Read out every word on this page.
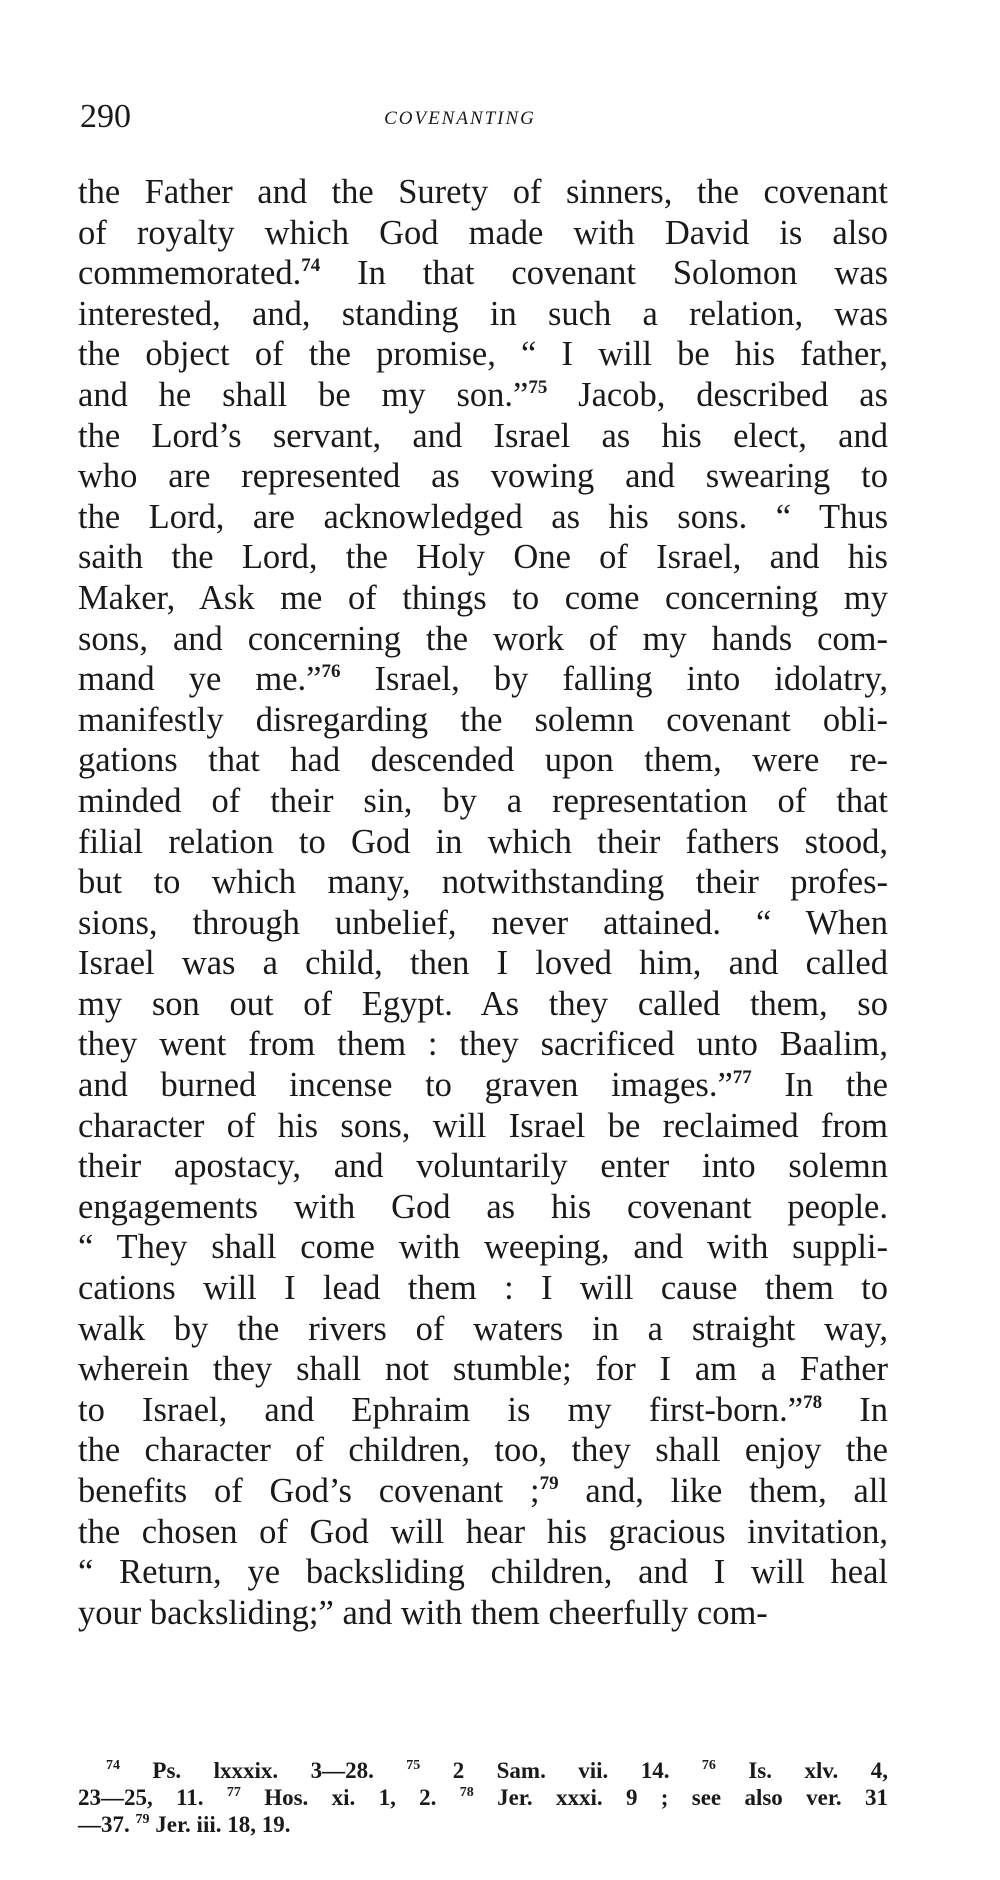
290	COVENANTING
the Father and the Surety of sinners, the covenant
of royalty which God made with David is also
commemorated.$^{74}$ In that covenant Solomon was
interested, and, standing in such a relation, was
the object of the promise, “ I will be his father,
and he shall be my son.”$^{75}$ Jacob, described as
the Lord’s servant, and Israel as his elect, and
who are represented as vowing and swearing to
the Lord, are acknowledged as his sons. “ Thus
saith the Lord, the Holy One of Israel, and his
Maker, Ask me of things to come concerning my
sons, and concerning the work of my hands com-
mand ye me.”$^{76}$ Israel, by falling into idolatry,
manifestly disregarding the solemn covenant obli-
gations that had descended upon them, were re-
minded of their sin, by a representation of that
filial relation to God in which their fathers stood,
but to which many, notwithstanding their profes-
sions, through unbelief, never attained. “ When
Israel was a child, then I loved him, and called
my son out of Egypt. As they called them, so
they went from them : they sacrificed unto Baalim,
and burned incense to graven images.”$^{77}$ In the
character of his sons, will Israel be reclaimed from
their apostacy, and voluntarily enter into solemn
engagements with God as his covenant people.
“ They shall come with weeping, and with suppli-
cations will I lead them : I will cause them to
walk by the rivers of waters in a straight way,
wherein they shall not stumble; for I am a Father
to Israel, and Ephraim is my first-born.”$^{78}$ In
the character of children, too, they shall enjoy the
benefits of God’s covenant ;$^{79}$ and, like them, all
the chosen of God will hear his gracious invitation,
“ Return, ye backsliding children, and I will heal
your backsliding;” and with them cheerfully com-
$^{74}$ Ps. lxxxix. 3—28. $^{75}$ 2 Sam. vii. 14. $^{76}$ Is. xlv. 4,
23—25, 11. $^{77}$ Hos. xi. 1, 2. $^{78}$ Jer. xxxi. 9 ; see also ver. 31
—37. $^{79}$ Jer. iii. 18, 19.
